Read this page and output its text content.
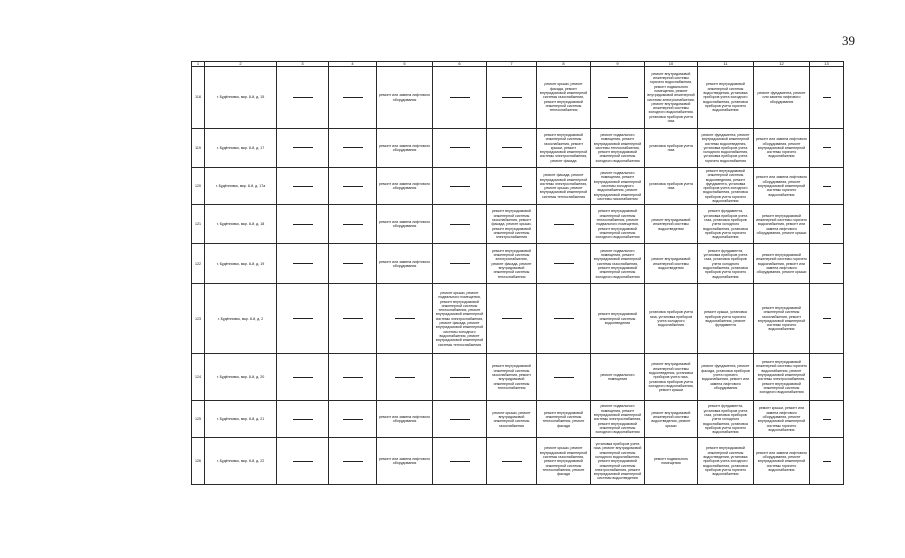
39
1	2	3	4	5	6	7	8	9	10	11	12	13
118	г. Будённовск, мкр. 8-й, д. 15			ремонт или замена лифтового оборудования			ремонт крыши, ремонт фасада, ремонт внутридомовой инженерной системы газоснабжения, ремонт внутридомовой инженерной системы теплоснабжения		ремонт внутридомовой инженерной системы горячего водоснабжения, ремонт подвального помещения, ремонт внутридомовой инженерной системы электроснабжения, ремонт внутридомовой инженерной системы холодного водоснабжения, установка приборов учета газа	ремонт внутридомовой инженерной системы водоотведения, установка приборов учета холодного водоснабжения, установка приборов учета горячего водоснабжения	ремонт фундамента, ремонт или замена лифтового оборудования	

119	г. Будённовск, мкр. 8-й, д. 17			ремонт или замена лифтового оборудования			ремонт внутридомовой инженерной системы газоснабжения, ремонт крыши, ремонт внутридомовой инженерной системы электроснабжения, ремонт фасада	ремонт подвального помещения, ремонт внутридомовой инженерной системы теплоснабжения, ремонт внутридомовой инженерной системы холодного водоснабжения	установка приборов учета газа	ремонт фундамента, ремонт внутридомовой инженерной системы водоотведения, установка приборов учета холодного водоснабжения, установка приборов учета горячего водоснабжения	ремонт или замена лифтового оборудования, ремонт внутридомовой инженерной системы горячего водоснабжения	

120	г. Будённовск, мкр. 8-й, д. 17а			ремонт или замена лифтового оборудования			ремонт фасада, ремонт внутридомовой инженерной системы электроснабжения, ремонт крыши, ремонт внутридомовой инженерной системы теплоснабжения	ремонт подвального помещения, ремонт внутридомовой инженерной системы холодного водоснабжения, ремонт внутридомовой инженерной системы газоснабжения	установка приборов учета газа	ремонт внутридомовой инженерной системы водоотведения, ремонт фундамента, установка приборов учета холодного водоснабжения, установка приборов учета горячего водоснабжения	ремонт или замена лифтового оборудования, ремонт внутридомовой инженерной системы горячего водоснабжения	

121	г. Будённовск, мкр. 8-й, д. 18			ремонт или замена лифтового оборудования		ремонт внутридомовой инженерной системы газоснабжения, ремонт фасада, ремонт крыши, ремонт внутридомовой инженерной системы электроснабжения		ремонт внутридомовой инженерной системы теплоснабжения, ремонт подвального помещения, ремонт внутридомовой инженерной системы холодного водоснабжения	ремонт внутридомовой инженерной системы водоотведения	ремонт фундамента, установка приборов учета газа, установка приборов учета холодного водоснабжения, установка приборов учета горячего водоснабжения	ремонт внутридомовой инженерной системы горячего водоснабжения, ремонт или замена лифтового оборудования, ремонт крыши	

122	г. Будённовск, мкр. 8-й, д. 19			ремонт или замена лифтового оборудования		ремонт внутридомовой инженерной системы электроснабжения, ремонт фасада, ремонт внутридомовой инженерной системы теплоснабжения		ремонт подвального помещения, ремонт внутридомовой инженерной системы газоснабжения, ремонт внутридомовой инженерной системы холодного водоснабжения	ремонт внутридомовой инженерной системы водоотведения	ремонт фундамента, установка приборов учета газа, установка приборов учета холодного водоснабжения, установка приборов учета горячего водоснабжения	ремонт внутридомовой инженерной системы горячего водоснабжения, ремонт или замена лифтового оборудования, ремонт крыши	

123	г. Будённовск, мкр. 8-й, д. 2				ремонт крыши, ремонт подвального помещения, ремонт внутридомовой инженерной системы теплоснабжения, ремонт внутридомовой инженерной системы электроснабжения, ремонт фасада, ремонт внутридомовой инженерной системы холодного водоснабжения, ремонт внутридомовой инженерной системы теплоснабжения			ремонт внутридомовой инженерной системы водоотведения	установка приборов учета газа, установка приборов учета холодного водоснабжения	ремонт крыши, установка приборов учета горячего водоснабжения, ремонт фундамента	ремонт внутридомовой инженерной системы газоснабжения, ремонт внутридомовой инженерной системы горячего водоснабжения	

124	г. Будённовск, мкр. 8-й, д. 20					ремонт внутридомовой инженерной системы газоснабжения, ремонт внутридомовой инженерной системы теплоснабжения		ремонт подвального помещения	ремонт внутридомовой инженерной системы водоотведения, установка приборов учета газа, установка приборов учета холодного водоснабжения, ремонт крыши	ремонт фундамента, ремонт фасада, установка приборов учета горячего водоснабжения, ремонт или замена лифтового оборудования	ремонт внутридомовой инженерной системы горячего водоснабжения, ремонт внутридомовой инженерной системы электроснабжения, ремонт внутридомовой инженерной системы холодного водоснабжения	

125	г. Будённовск, мкр. 8-й, д. 21			ремонт или замена лифтового оборудования		ремонт крыши, ремонт внутридомовой инженерной системы газоснабжения	ремонт внутридомовой инженерной системы теплоснабжения, ремонт фасада	ремонт подвального помещения, ремонт внутридомовой инженерной системы электроснабжения, ремонт внутридомовой инженерной системы холодного водоснабжения	ремонт внутридомовой инженерной системы водоотведения, ремонт крыши	ремонт фундамента, установка приборов учета газа, установка приборов учета холодного водоснабжения, установка приборов учета горячего водоснабжения	ремонт крыши, ремонт или замена лифтового оборудования, ремонт внутридомовой инженерной системы горячего водоснабжения	

126	г. Будённовск, мкр. 8-й, д. 22			ремонт или замена лифтового оборудования			ремонт крыши, ремонт внутридомовой инженерной системы газоснабжения, ремонт внутридомовой инженерной системы теплоснабжения, ремонт фасада	установка приборов учета газа, ремонт внутридомовой инженерной системы холодного водоснабжения, ремонт внутридомовой инженерной системы электроснабжения, ремонт внутридомовой инженерной системы водоотведения	ремонт подвального помещения	ремонт внутридомовой инженерной системы водоотведения, установка приборов учета холодного водоснабжения, установка приборов учета горячего водоснабжения	ремонт или замена лифтового оборудования, ремонт внутридомовой инженерной системы горячего водоснабжения	
